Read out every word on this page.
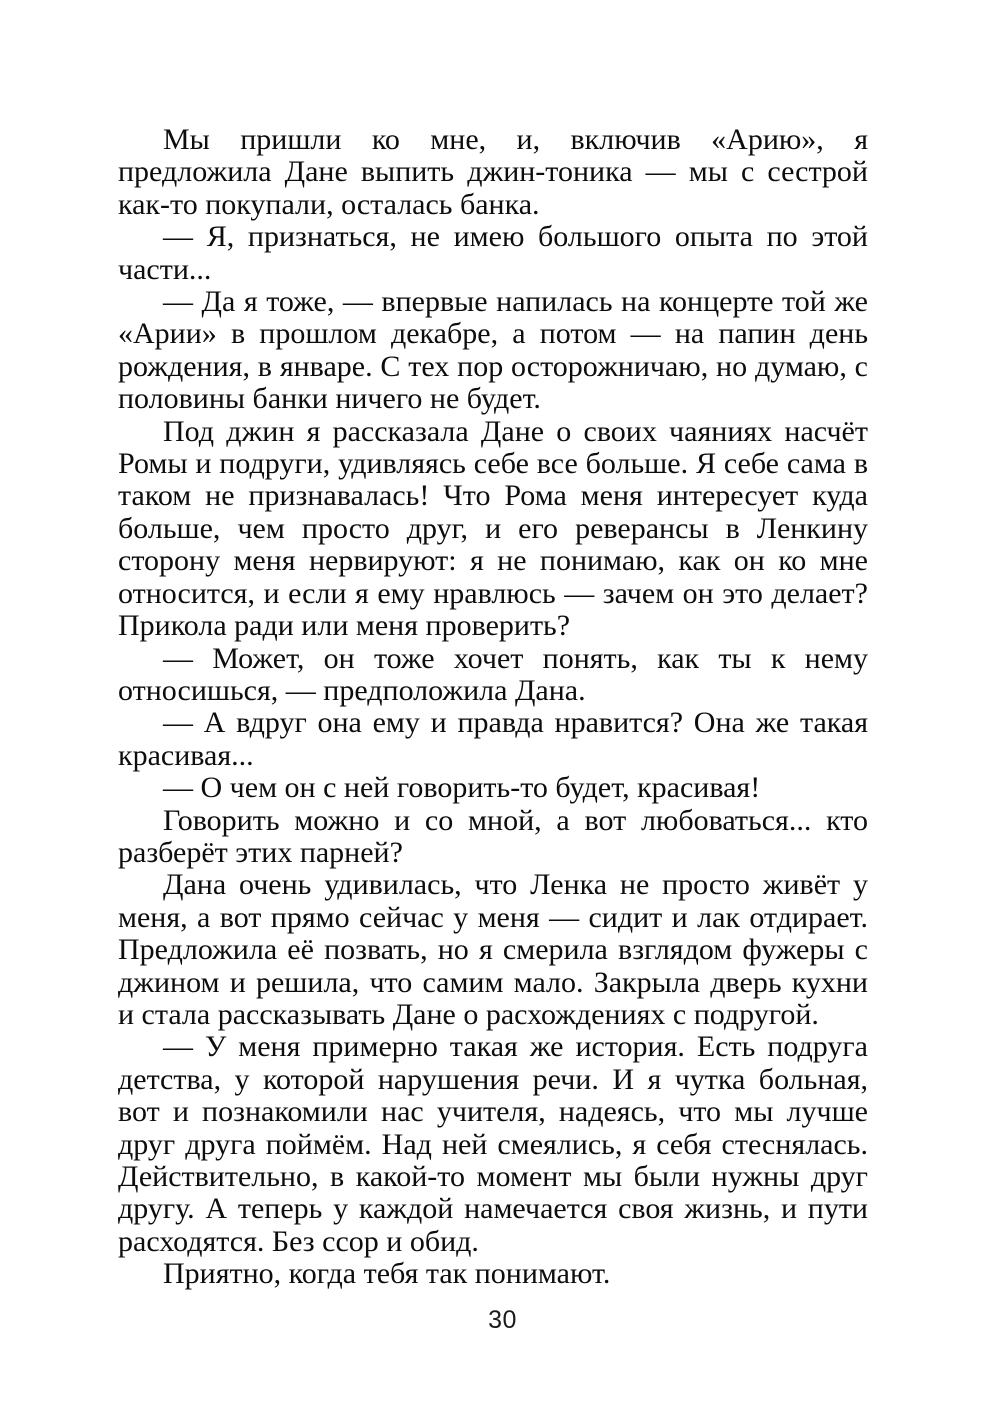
Мы пришли ко мне, и, включив «Арию», я предложила Дане выпить джин-тоника — мы с сестрой как-то покупали, осталась банка.

— Я, признаться, не имею большого опыта по этой части...

— Да я тоже, — впервые напилась на концерте той же «Арии» в прошлом декабре, а потом — на папин день рождения, в январе. С тех пор осторожничаю, но думаю, с половины банки ничего не будет.

Под джин я рассказала Дане о своих чаяниях насчёт Ромы и подруги, удивляясь себе все больше. Я себе сама в таком не признавалась! Что Рома меня интересует куда больше, чем просто друг, и его реверансы в Ленкину сторону меня нервируют: я не понимаю, как он ко мне относится, и если я ему нравлюсь — зачем он это делает? Прикола ради или меня проверить?

— Может, он тоже хочет понять, как ты к нему относишься, — предположила Дана.

— А вдруг она ему и правда нравится? Она же такая красивая...

— О чем он с ней говорить-то будет, красивая!

Говорить можно и со мной, а вот любоваться... кто разберёт этих парней?

Дана очень удивилась, что Ленка не просто живёт у меня, а вот прямо сейчас у меня — сидит и лак отдирает. Предложила её позвать, но я смерила взглядом фужеры с джином и решила, что самим мало. Закрыла дверь кухни и стала рассказывать Дане о расхождениях с подругой.

— У меня примерно такая же история. Есть подруга детства, у которой нарушения речи. И я чутка больная, вот и познакомили нас учителя, надеясь, что мы лучше друг друга поймём. Над ней смеялись, я себя стеснялась. Действительно, в какой-то момент мы были нужны друг другу. А теперь у каждой намечается своя жизнь, и пути расходятся. Без ссор и обид.

Приятно, когда тебя так понимают.

30
